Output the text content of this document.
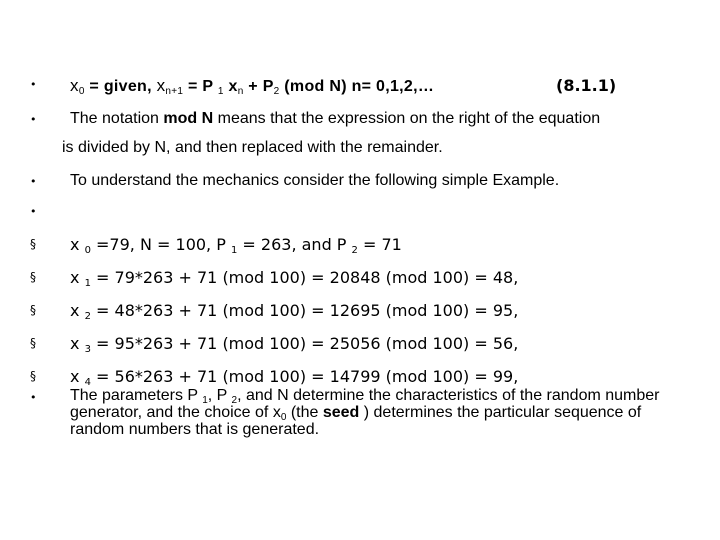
• $x_0$ = given, $x_{n+1} = P$ $_1$ $x_n + P_2$ (mod N) n= 0,1,2,…	(8.1.1)
• The notation mod N means that the expression on the right of the equation
is divided by N, and then replaced with the remainder.
• To understand the mechanics consider the following simple Example.
•
§ x $_0$ =79, N = 100, P $_1$ = 263, and P $_2$ = 71
§ x $_1$ = 79*263 + 71 (mod 100) = 20848 (mod 100) = 48,
§ x $_2$ = 48*263 + 71 (mod 100) = 12695 (mod 100) = 95,
§ x $_3$ = 95*263 + 71 (mod 100) = 25056 (mod 100) = 56,
§ x $_4$ = 56*263 + 71 (mod 100) = 14799 (mod 100) = 99,
• The parameters P $_1$, P $_2$, and N determine the characteristics of the random number generator, and the choice of $x_0$ (the seed ) determines the particular sequence of random numbers that is generated.
